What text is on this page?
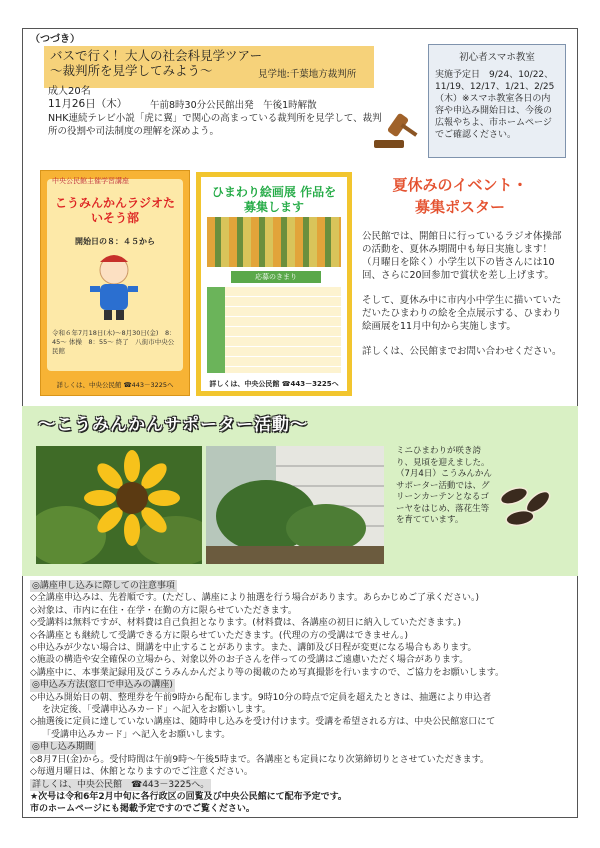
（つづき）
バスで行く！大人の社会科見学ツアー
～裁判所を見学してみよう～	見学地:千葉地方裁判所
成人20名
11月26日（木） 午前8時30分公民館出発　午後1時解散
NHK連続テレビ小説「虎に翼」で関心の高まっている裁判所を見学して、裁判所の役割や司法制度の理解を深めよう。
初心者スマホ教室
実施予定日　9/24、10/22、11/19、12/17、1/21、2/25（木）※スマホ教室各日の内容や申込み開始日は、今後の広報やちよ、市ホームページでご確認ください。
中央公民館主催学習講座
こうみんかんラジオたいそう部
開始日の８：４５から
令和６年7月18日(木)～8月30日(金)　8：45～ 体操　8：55～ 終了　八街市中央公民館
詳しくは、中央公民館 ☎443－3225へ
ひまわり絵画展 作品を募集します
応募のきまり
詳しくは、中央公民館 ☎443－3225へ
夏休みのイベント・
募集ポスター

公民館では、開館日に行っているラジオ体操部の活動を、夏休み期間中も毎日実施します！（月曜日を除く）小学生以下の皆さんには10回、さらに20回参加で賞状を差し上げます。

そして、夏休み中に市内小中学生に描いていただいたひまわりの絵を全点展示する、ひまわり絵画展を11月中旬から実施します。

詳しくは、公民館までお問い合わせください。

～こうみんかんサポーター活動～
ミニひまわりが咲き誇り、見頃を迎えました。（7月4日）こうみんかんサポーター活動では、グリーンカーテンとなるゴーヤをはじめ、落花生等を育てています。
◎講座申し込みに際しての注意事項
◇全講座申込みは、先着順です。(ただし、講座により抽選を行う場合があります。あらかじめご了承ください。)
◇対象は、市内に在住・在学・在勤の方に限らせていただきます。
◇受講料は無料ですが、材料費は自己負担となります。(材料費は、各講座の初日に納入していただきます。)
◇各講座とも継続して受講できる方に限らせていただきます。(代理の方の受講はできません。)
◇申込みが少ない場合は、開講を中止することがあります。また、講師及び日程が変更になる場合もあります。
◇施設の構造や安全確保の立場から、対象以外のお子さんを伴っての受講はご遠慮いただく場合があります。
◇講座中に、本事業記録用及びこうみんかんだより等の掲載のため写真撮影を行いますので、ご協力をお願いします。
◎申込み方法(窓口で申込みの講座)
◇申込み開始日の朝、整理券を午前9時から配布します。9時10分の時点で定員を超えたときは、抽選により申込者
を決定後、「受講申込みカード」へ記入をお願いします。
◇抽選後に定員に達していない講座は、随時申し込みを受け付けます。受講を希望される方は、中央公民館窓口にて
「受講申込みカード」へ記入をお願いします。
◎申し込み期間
◇8月7日(金)から。受付時間は午前9時～午後5時まで。各講座とも定員になり次第締切りとさせていただきます。
◇毎週月曜日は、休館となりますのでご注意ください。
詳しくは、中央公民館　☎443－3225へ。
★次号は令和6年2月中旬に各行政区の回覧及び中央公民館にて配布予定です。
市のホームページにも掲載予定ですのでご覧ください。
